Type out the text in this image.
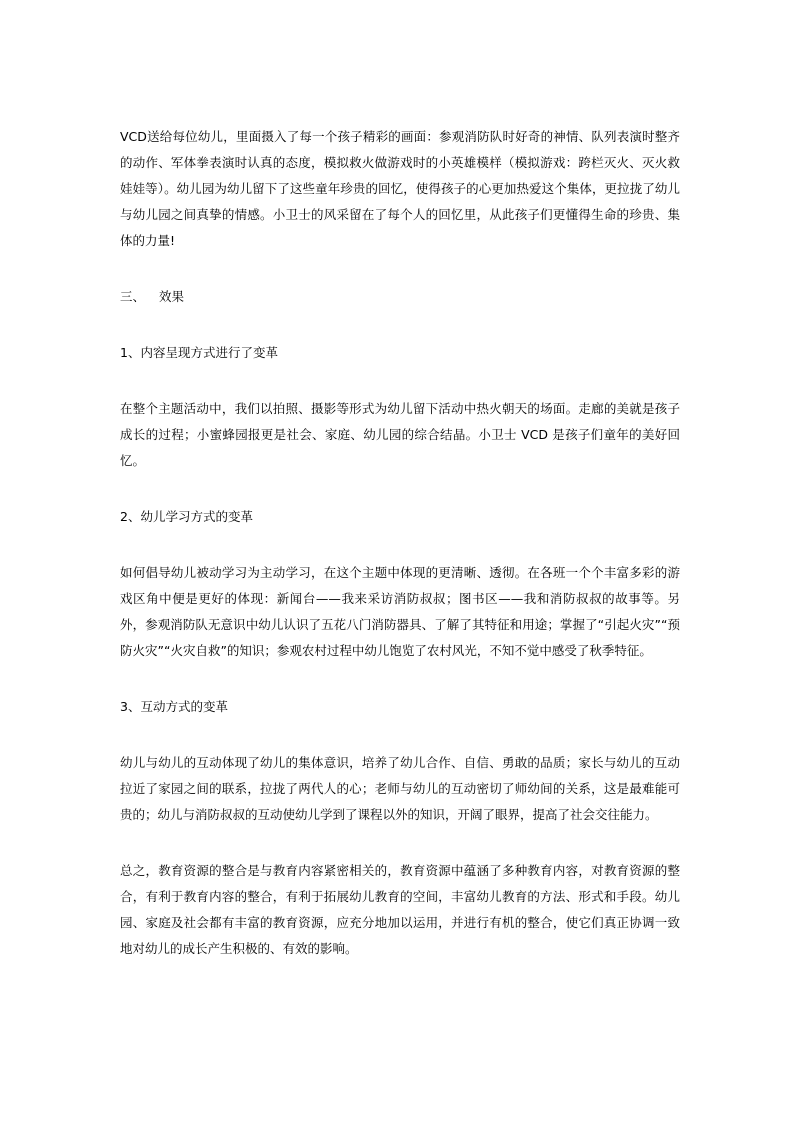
VCD送给每位幼儿，里面摄入了每一个孩子精彩的画面：参观消防队时好奇的神情、队列表演时整齐的动作、军体拳表演时认真的态度，模拟救火做游戏时的小英雄模样（模拟游戏：跨栏灭火、灭火救娃娃等）。幼儿园为幼儿留下了这些童年珍贵的回忆，使得孩子的心更加热爱这个集体，更拉拢了幼儿与幼儿园之间真挚的情感。小卫士的风采留在了每个人的回忆里，从此孩子们更懂得生命的珍贵、集体的力量!

三、 效果

1、内容呈现方式进行了变革

在整个主题活动中，我们以拍照、摄影等形式为幼儿留下活动中热火朝天的场面。走廊的美就是孩子成长的过程；小蜜蜂园报更是社会、家庭、幼儿园的综合结晶。小卫士 VCD 是孩子们童年的美好回忆。

2、幼儿学习方式的变革

如何倡导幼儿被动学习为主动学习，在这个主题中体现的更清晰、透彻。在各班一个个丰富多彩的游戏区角中便是更好的体现：新闻台——我来采访消防叔叔；图书区——我和消防叔叔的故事等。另外，参观消防队无意识中幼儿认识了五花八门消防器具、了解了其特征和用途；掌握了“引起火灾”“预防火灾”“火灾自救”的知识；参观农村过程中幼儿饱览了农村风光，不知不觉中感受了秋季特征。

3、互动方式的变革

幼儿与幼儿的互动体现了幼儿的集体意识，培养了幼儿合作、自信、勇敢的品质；家长与幼儿的互动拉近了家园之间的联系，拉拢了两代人的心；老师与幼儿的互动密切了师幼间的关系，这是最难能可贵的；幼儿与消防叔叔的互动使幼儿学到了课程以外的知识，开阔了眼界，提高了社会交往能力。

总之，教育资源的整合是与教育内容紧密相关的，教育资源中蕴涵了多种教育内容，对教育资源的整合，有利于教育内容的整合，有利于拓展幼儿教育的空间，丰富幼儿教育的方法、形式和手段。幼儿园、家庭及社会都有丰富的教育资源，应充分地加以运用，并进行有机的整合，使它们真正协调一致地对幼儿的成长产生积极的、有效的影响。
